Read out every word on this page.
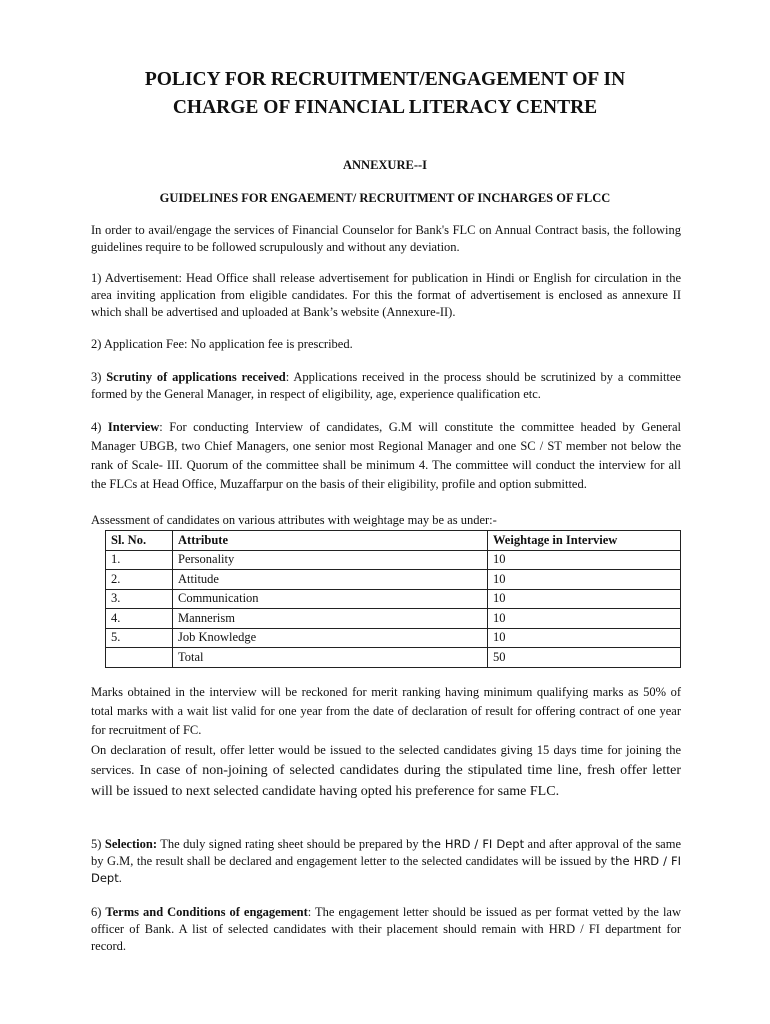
POLICY FOR RECRUITMENT/ENGAGEMENT OF IN
CHARGE OF FINANCIAL LITERACY CENTRE
ANNEXURE--I
GUIDELINES FOR ENGAEMENT/ RECRUITMENT OF INCHARGES OF FLCC
In order to avail/engage the services of Financial Counselor for Bank's FLC on Annual Contract basis, the following guidelines require to be followed scrupulously and without any deviation.
1) Advertisement: Head Office shall release advertisement for publication in Hindi or English for circulation in the area inviting application from eligible candidates. For this the format of advertisement is enclosed as annexure II which shall be advertised and uploaded at Bank’s website (Annexure-II).
2) Application Fee: No application fee is prescribed.
3) Scrutiny of applications received: Applications received in the process should be scrutinized by a committee formed by the General Manager, in respect of eligibility, age, experience qualification etc.
4) Interview: For conducting Interview of candidates, G.M will constitute the committee headed by General Manager UBGB, two Chief Managers, one senior most Regional Manager and one SC / ST member not below the rank of Scale- III. Quorum of the committee shall be minimum 4. The committee will conduct the interview for all the FLCs at Head Office, Muzaffarpur on the basis of their eligibility, profile and option submitted.
Assessment of candidates on various attributes with weightage may be as under:-
Sl. No.	Attribute	Weightage in Interview
1.	Personality	10
2.	Attitude	10
3.	Communication	10
4.	Mannerism	10
5.	Job Knowledge	10
	Total	50
Marks obtained in the interview will be reckoned for merit ranking having minimum qualifying marks as 50% of total marks with a wait list valid for one year from the date of declaration of result for offering contract of one year for recruitment of FC.
On declaration of result, offer letter would be issued to the selected candidates giving 15 days time for joining the services. In case of non-joining of selected candidates during the stipulated time line, fresh offer letter will be issued to next selected candidate having opted his preference for same FLC.
5) Selection: The duly signed rating sheet should be prepared by the HRD / FI Dept and after approval of the same by G.M, the result shall be declared and engagement letter to the selected candidates will be issued by the HRD / FI Dept.
6) Terms and Conditions of engagement: The engagement letter should be issued as per format vetted by the law officer of Bank. A list of selected candidates with their placement should remain with HRD / FI department for record.
